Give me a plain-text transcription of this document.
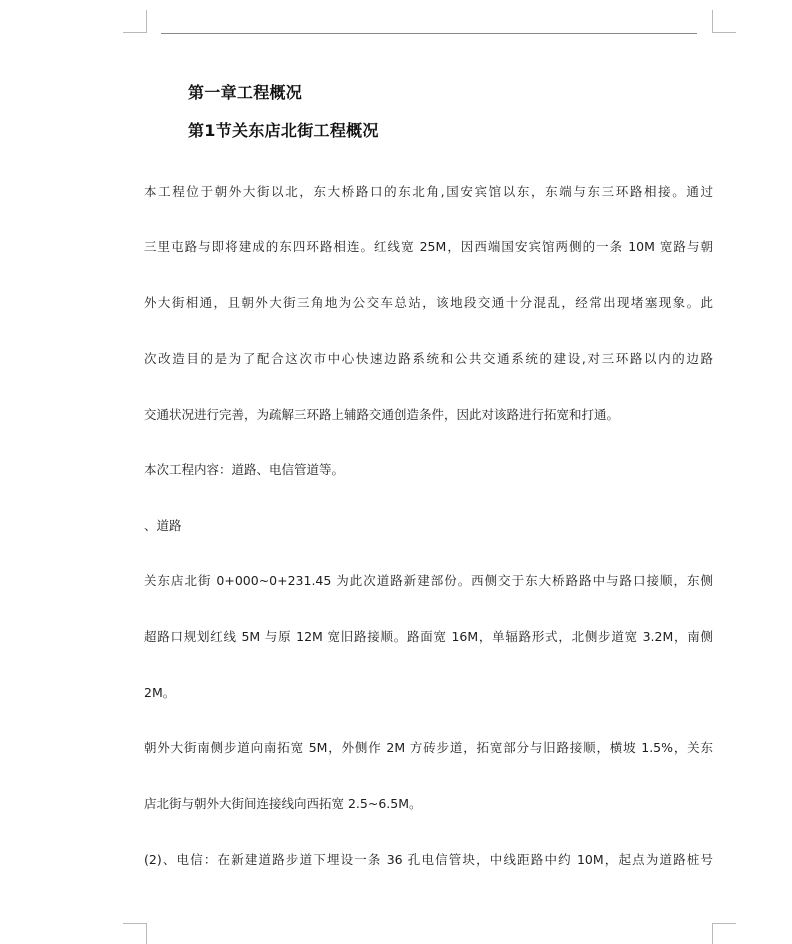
第一章工程概况
第1节关东店北街工程概况
本工程位于朝外大街以北，东大桥路口的东北角,国安宾馆以东，东端与东三环路相接。通过
三里屯路与即将建成的东四环路相连。红线宽 25M，因西端国安宾馆两侧的一条 10M 宽路与朝
外大街相通，且朝外大街三角地为公交车总站，该地段交通十分混乱，经常出现堵塞现象。此
次改造目的是为了配合这次市中心快速边路系统和公共交通系统的建设,对三环路以内的边路
交通状况进行完善，为疏解三环路上辅路交通创造条件，因此对该路进行拓宽和打通。
本次工程内容：道路、电信管道等。
、道路
关东店北街 0+000~0+231.45 为此次道路新建部份。西侧交于东大桥路路中与路口接顺，东侧
超路口规划红线 5M 与原 12M 宽旧路接顺。路面宽 16M，单辐路形式，北侧步道宽 3.2M，南侧
2M。
朝外大街南侧步道向南拓宽 5M，外侧作 2M 方砖步道，拓宽部分与旧路接顺，横坡 1.5%，关东
店北街与朝外大街间连接线向西拓宽 2.5~6.5M。
(2)、电信：在新建道路步道下埋设一条 36 孔电信管块，中线距路中约 10M，起点为道路桩号
